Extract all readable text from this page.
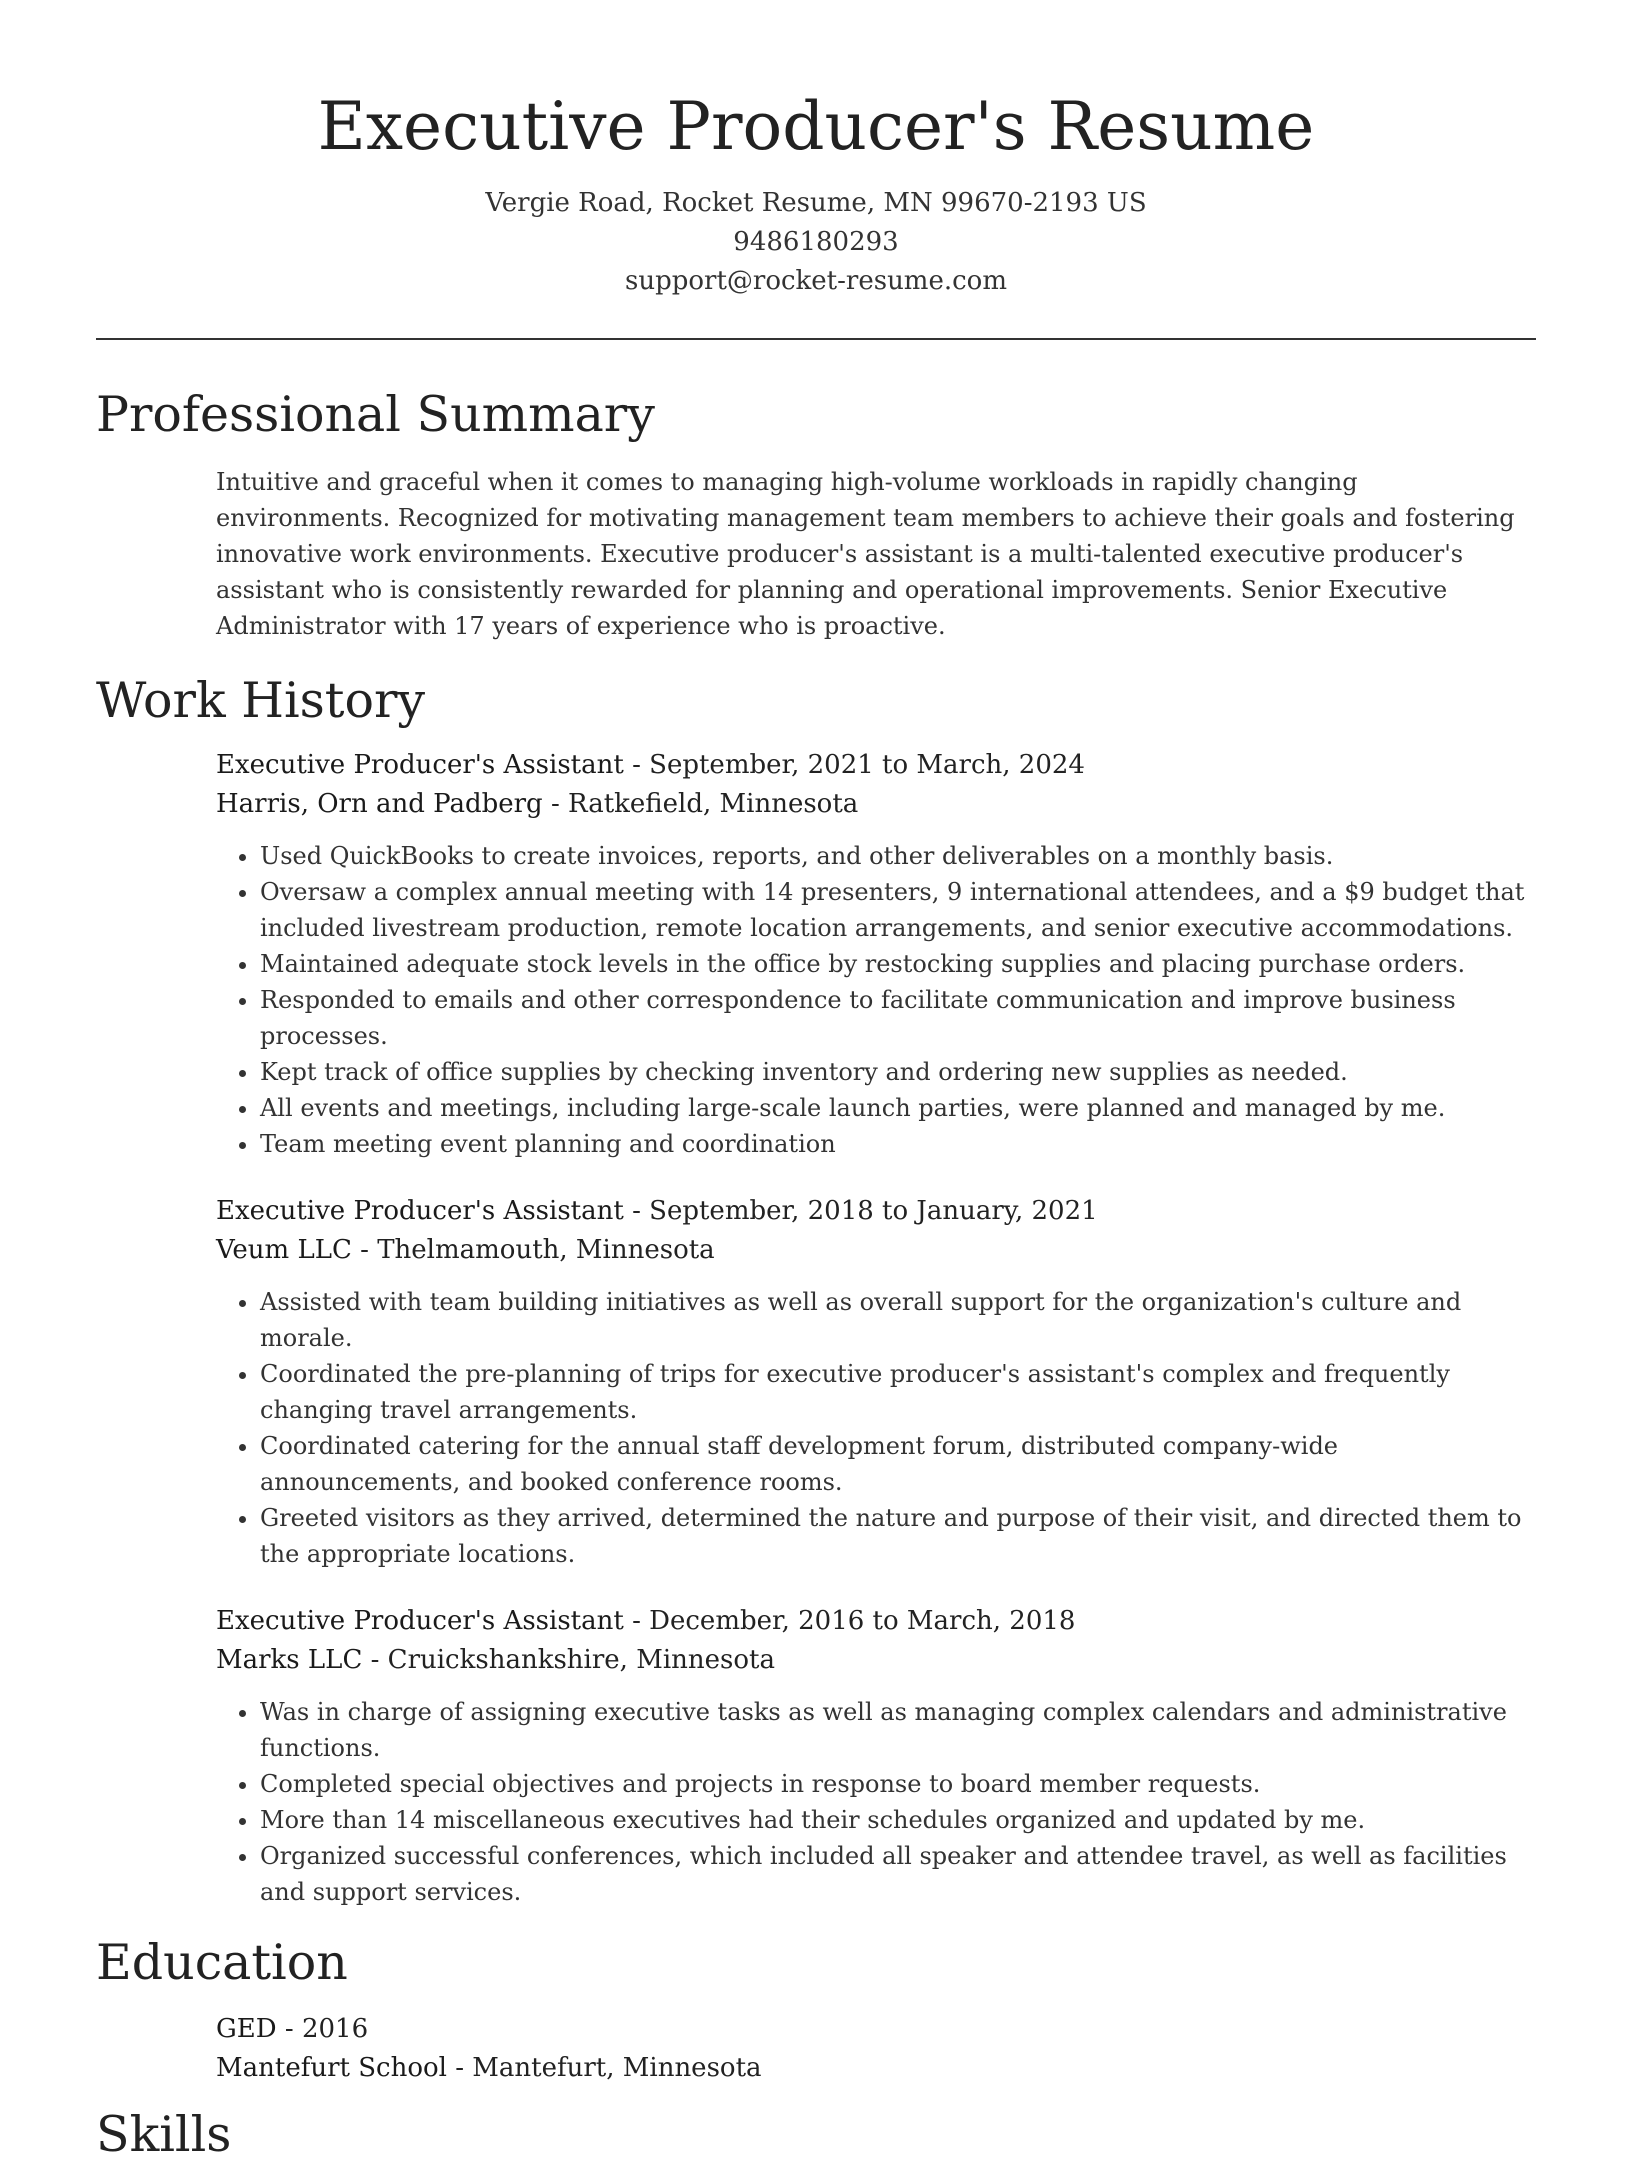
Executive Producer's Resume
Vergie Road, Rocket Resume, MN 99670-2193 US
9486180293
support@rocket-resume.com
Professional Summary
Intuitive and graceful when it comes to managing high-volume workloads in rapidly changing environments. Recognized for motivating management team members to achieve their goals and fostering innovative work environments. Executive producer's assistant is a multi-talented executive producer's assistant who is consistently rewarded for planning and operational improvements. Senior Executive Administrator with 17 years of experience who is proactive.
Work History
Executive Producer's Assistant - September, 2021 to March, 2024
Harris, Orn and Padberg - Ratkefield, Minnesota
• Used QuickBooks to create invoices, reports, and other deliverables on a monthly basis.
• Oversaw a complex annual meeting with 14 presenters, 9 international attendees, and a $9 budget that included livestream production, remote location arrangements, and senior executive accommodations.
• Maintained adequate stock levels in the office by restocking supplies and placing purchase orders.
• Responded to emails and other correspondence to facilitate communication and improve business processes.
• Kept track of office supplies by checking inventory and ordering new supplies as needed.
• All events and meetings, including large-scale launch parties, were planned and managed by me.
• Team meeting event planning and coordination
Executive Producer's Assistant - September, 2018 to January, 2021
Veum LLC - Thelmamouth, Minnesota
• Assisted with team building initiatives as well as overall support for the organization's culture and morale.
• Coordinated the pre-planning of trips for executive producer's assistant's complex and frequently changing travel arrangements.
• Coordinated catering for the annual staff development forum, distributed company-wide announcements, and booked conference rooms.
• Greeted visitors as they arrived, determined the nature and purpose of their visit, and directed them to the appropriate locations.
Executive Producer's Assistant - December, 2016 to March, 2018
Marks LLC - Cruickshankshire, Minnesota
• Was in charge of assigning executive tasks as well as managing complex calendars and administrative functions.
• Completed special objectives and projects in response to board member requests.
• More than 14 miscellaneous executives had their schedules organized and updated by me.
• Organized successful conferences, which included all speaker and attendee travel, as well as facilities and support services.
Education
GED - 2016
Mantefurt School - Mantefurt, Minnesota
Skills
